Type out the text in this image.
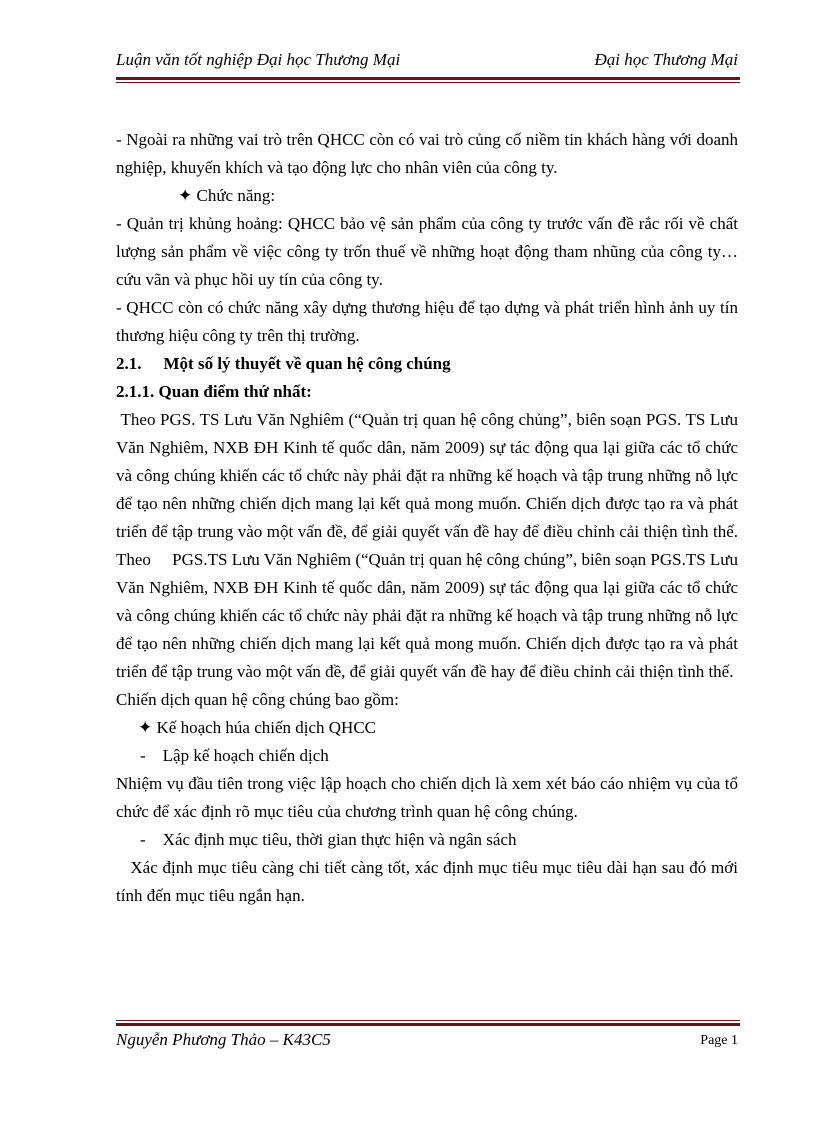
Luận văn tốt nghiệp Đại học Thương Mại	Đại học Thương Mại

- Ngoài ra những vai trò trên QHCC còn có vai trò củng cố niềm tin khách hàng với doanh nghiệp, khuyến khích và tạo động lực cho nhân viên của công ty.

✦ Chức năng:

- Quản trị khủng hoảng: QHCC bảo vệ sản phẩm của công ty trước vấn đề rắc rối về chất lượng sản phẩm về việc công ty trốn thuế về những hoạt động tham nhũng của công ty… cứu vãn và phục hồi uy tín của công ty.

- QHCC còn có chức năng xây dựng thương hiệu để tạo dựng và phát triển hình ảnh uy tín thương hiệu công ty trên thị trường.

2.1. Một số lý thuyết về quan hệ công chúng

2.1.1. Quan điểm thứ nhất:

Theo PGS. TS Lưu Văn Nghiêm (“Quản trị quan hệ công chủng”, biên soạn PGS. TS Lưu Văn Nghiêm, NXB ĐH Kinh tế quốc dân, năm 2009) sự tác động qua lại giữa các tổ chức và công chúng khiến các tổ chức này phải đặt ra những kế hoạch và tập trung những nỗ lực để tạo nên những chiến dịch mang lại kết quả mong muốn. Chiến dịch được tạo ra và phát triển để tập trung vào một vấn đề, để giải quyết vấn đề hay để điều chỉnh cải thiện tình thế.        Theo     PGS.TS Lưu Văn Nghiêm (“Quản trị quan hệ công chúng”, biên soạn PGS.TS Lưu Văn Nghiêm, NXB ĐH Kinh tế quốc dân, năm 2009) sự tác động qua lại giữa các tổ chức và công chúng khiến các tổ chức này phải đặt ra những kế hoạch và tập trung những nỗ lực để tạo nên những chiến dịch mang lại kết quả mong muốn. Chiến dịch được tạo ra và phát triển để tập trung vào một vấn đề, để giải quyết vấn đề hay để điều chỉnh cải thiện tình thế.

Chiến dịch quan hệ công chúng bao gồm:

✦ Kế hoạch húa chiến dịch QHCC

-    Lập kế hoạch chiến dịch

Nhiệm vụ đầu tiên trong việc lập hoạch cho chiến dịch là xem xét báo cáo nhiệm vụ của tổ chức để xác định rõ mục tiêu của chương trình quan hệ công chúng.

-    Xác định mục tiêu, thời gian thực hiện và ngân sách

Xác định mục tiêu càng chi tiết càng tốt, xác định mục tiêu mục tiêu dài hạn sau đó mới tính đến mục tiêu ngắn hạn.

Nguyễn Phương Thảo – K43C5	Page 1
